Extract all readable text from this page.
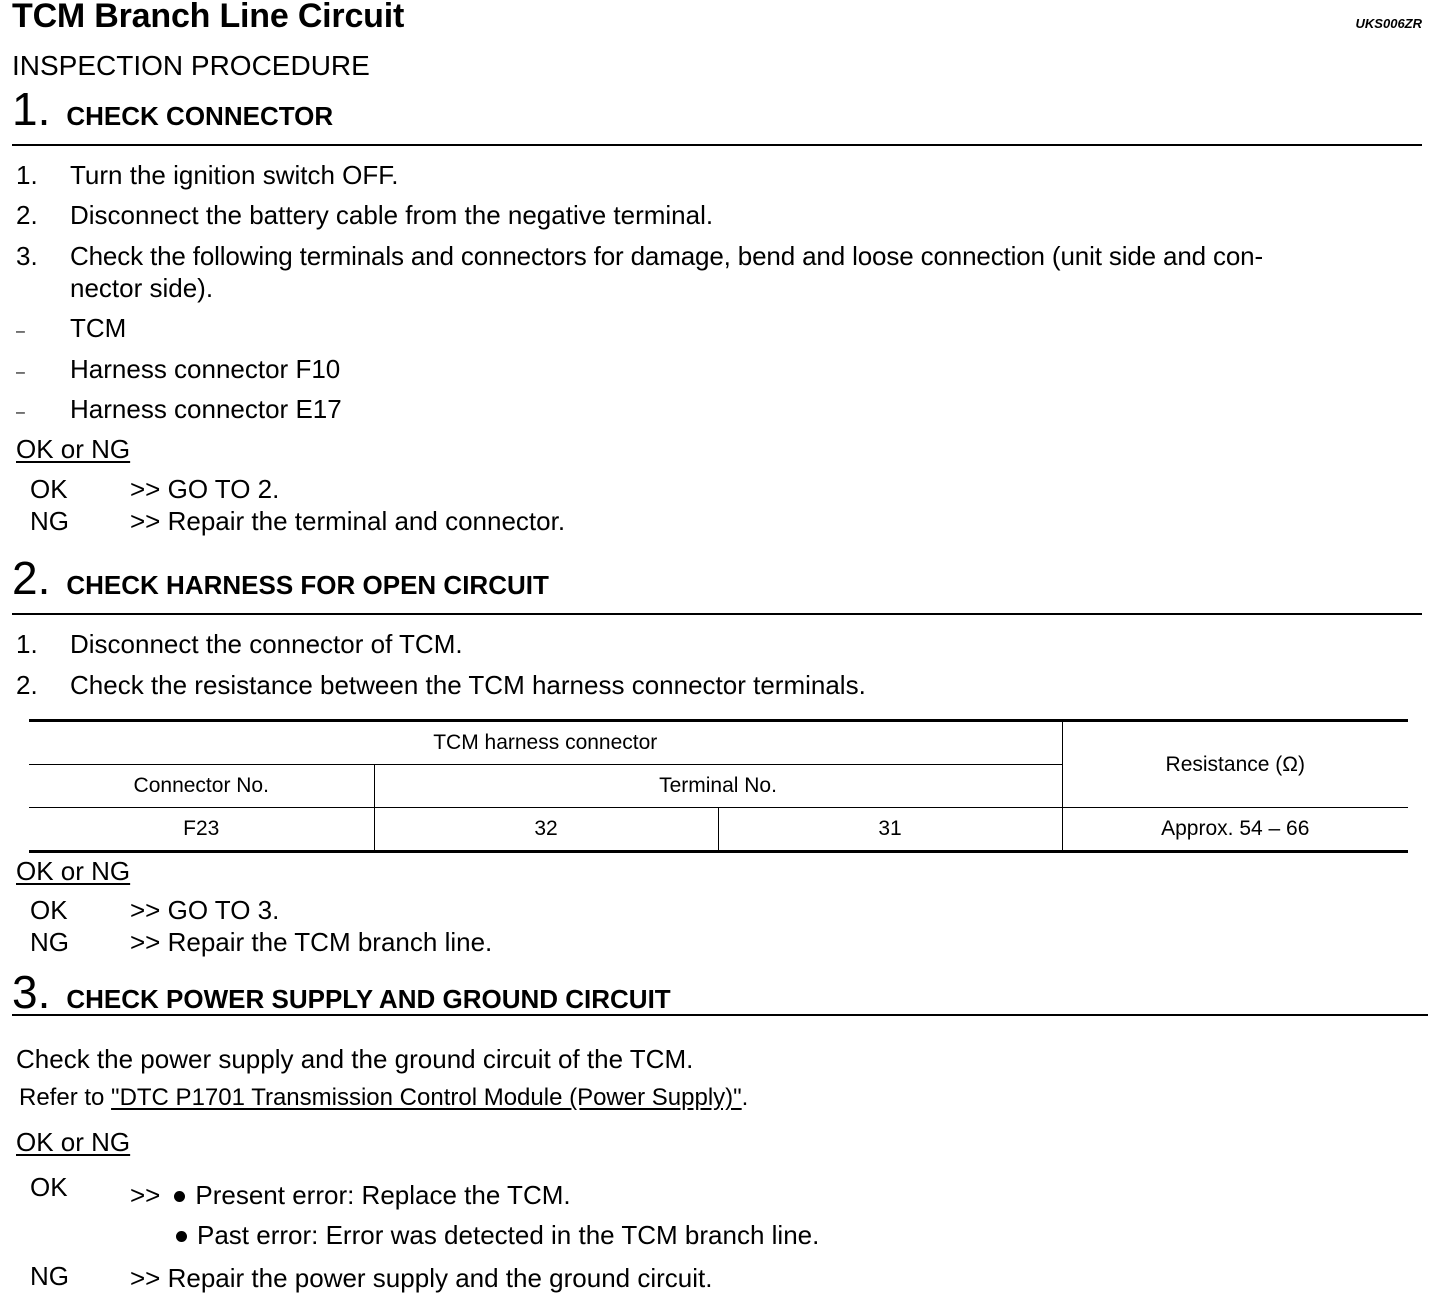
TCM Branch Line Circuit	UKS006ZR
INSPECTION PROCEDURE
1. CHECK CONNECTOR
1. Turn the ignition switch OFF.
2. Disconnect the battery cable from the negative terminal.
3. Check the following terminals and connectors for damage, bend and loose connection (unit side and con-
nector side).
– TCM
– Harness connector F10
– Harness connector E17
OK or NG
OK >> GO TO 2.
NG >> Repair the terminal and connector.
2. CHECK HARNESS FOR OPEN CIRCUIT
1. Disconnect the connector of TCM.
2. Check the resistance between the TCM harness connector terminals.
TCM harness connector			Resistance (Ω)
Connector No.	Terminal No.		
F23	32	31	Approx. 54 – 66
OK or NG
OK >> GO TO 3.
NG >> Repair the TCM branch line.
3. CHECK POWER SUPPLY AND GROUND CIRCUIT
Check the power supply and the ground circuit of the TCM.
Refer to "DTC P1701 Transmission Control Module (Power Supply)".
OK or NG
OK >> Present error: Replace the TCM.
Past error: Error was detected in the TCM branch line.
NG >> Repair the power supply and the ground circuit.
